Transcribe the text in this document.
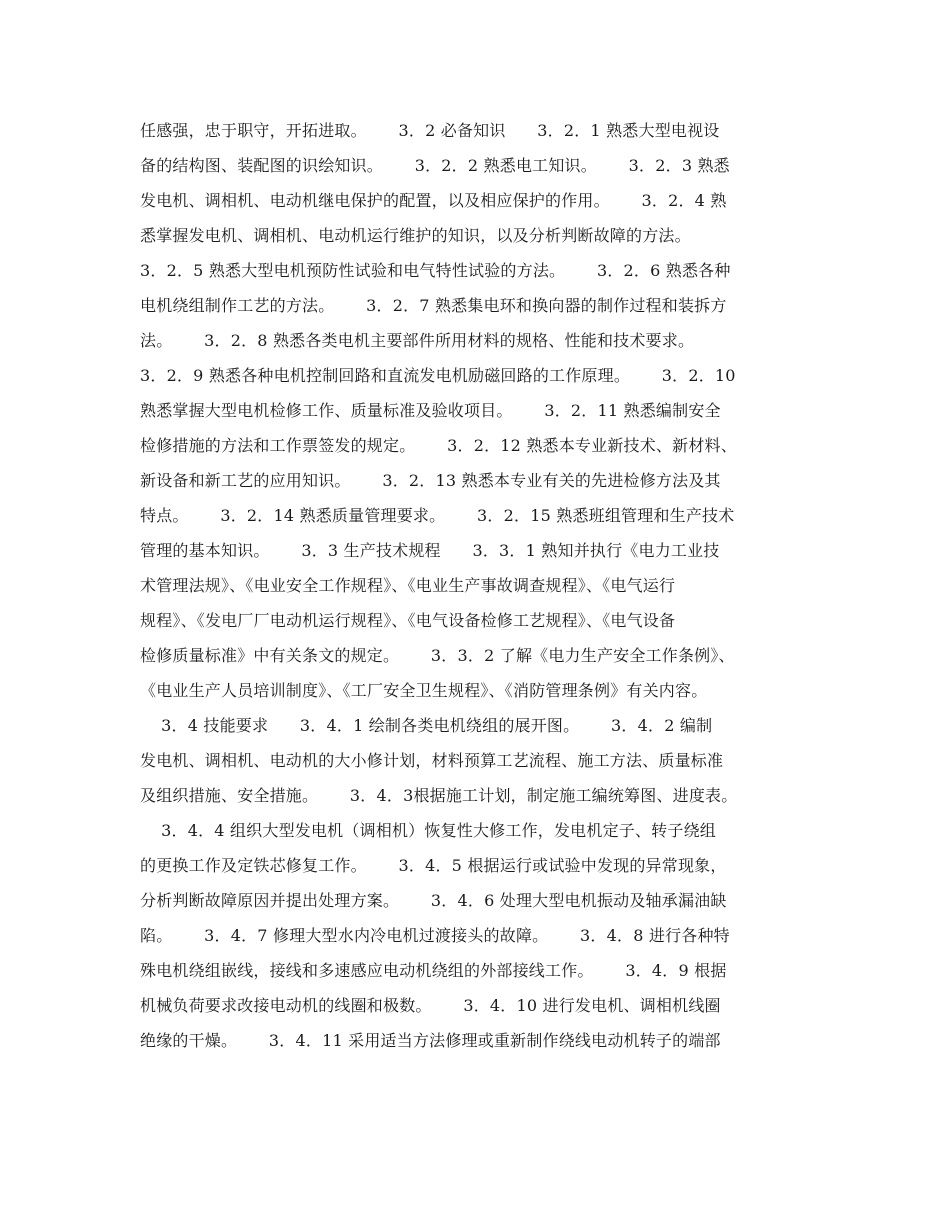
任感强，忠于职守，开拓进取。      3．2 必备知识      3．2．1 熟悉大型电视设
备的结构图、装配图的识绘知识。      3．2．2 熟悉电工知识。      3．2．3 熟悉
发电机、调相机、电动机继电保护的配置，以及相应保护的作用。      3．2．4 熟
悉掌握发电机、调相机、电动机运行维护的知识，以及分析判断故障的方法。
3．2．5 熟悉大型电机预防性试验和电气特性试验的方法。      3．2．6 熟悉各种
电机绕组制作工艺的方法。      3．2．7 熟悉集电环和换向器的制作过程和装拆方
法。      3．2．8 熟悉各类电机主要部件所用材料的规格、性能和技术要求。
3．2．9 熟悉各种电机控制回路和直流发电机励磁回路的工作原理。      3．2．10
熟悉掌握大型电机检修工作、质量标准及验收项目。      3．2．11 熟悉编制安全
检修措施的方法和工作票签发的规定。      3．2．12 熟悉本专业新技术、新材料、
新设备和新工艺的应用知识。      3．2．13 熟悉本专业有关的先进检修方法及其
特点。      3．2．14 熟悉质量管理要求。      3．2．15 熟悉班组管理和生产技术
管理的基本知识。      3．3 生产技术规程      3．3．1 熟知并执行《电力工业技
术管理法规》、《电业安全工作规程》、《电业生产事故调查规程》、《电气运行
规程》、《发电厂厂电动机运行规程》、《电气设备检修工艺规程》、《电气设备
检修质量标准》中有关条文的规定。      3．3．2 了解《电力生产安全工作条例》、
《电业生产人员培训制度》、《工厂安全卫生规程》、《消防管理条例》有关内容。
3．4 技能要求      3．4．1 绘制各类电机绕组的展开图。      3．4．2 编制
发电机、调相机、电动机的大小修计划，材料预算工艺流程、施工方法、质量标准
及组织措施、安全措施。      3．4．3根据施工计划，制定施工编统筹图、进度表。
3．4．4 组织大型发电机（调相机）恢复性大修工作，发电机定子、转子绕组
的更换工作及定铁芯修复工作。      3．4．5 根据运行或试验中发现的异常现象，
分析判断故障原因并提出处理方案。      3．4．6 处理大型电机振动及轴承漏油缺
陷。      3．4．7 修理大型水内冷电机过渡接头的故障。      3．4．8 进行各种特
殊电机绕组嵌线，接线和多速感应电动机绕组的外部接线工作。      3．4．9 根据
机械负荷要求改接电动机的线圈和极数。      3．4．10 进行发电机、调相机线圈
绝缘的干燥。      3．4．11 采用适当方法修理或重新制作绕线电动机转子的端部
